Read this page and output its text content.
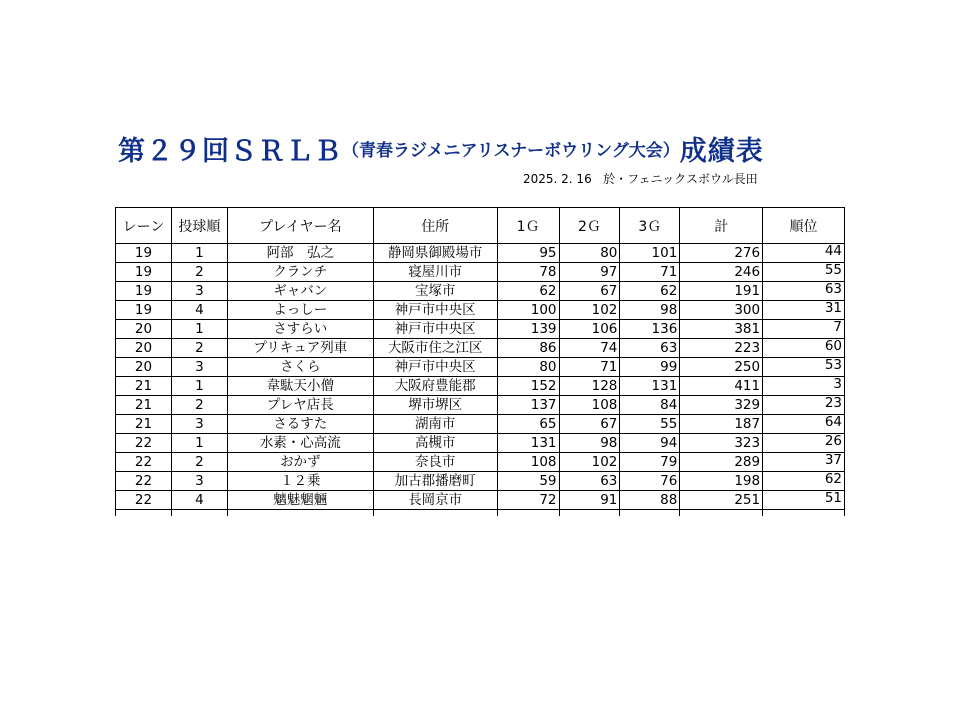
第２９回ＳＲＬＢ（青春ラジメニアリスナーボウリング大会）成績表
2025. 2. 16 於・フェニックスボウル長田
レーン	投球順	プレイヤー名	住所	1Ｇ	2Ｇ	3Ｇ	計	順位
19	1	阿部　弘之	静岡県御殿場市	95	80	101	276	44
19	2	クランチ	寝屋川市	78	97	71	246	55
19	3	ギャバン	宝塚市	62	67	62	191	63
19	4	よっしー	神戸市中央区	100	102	98	300	31
20	1	さすらい	神戸市中央区	139	106	136	381	7
20	2	プリキュア列車	大阪市住之江区	86	74	63	223	60
20	3	さくら	神戸市中央区	80	71	99	250	53
21	1	韋駄天小僧	大阪府豊能郡	152	128	131	411	3
21	2	プレヤ店長	堺市堺区	137	108	84	329	23
21	3	さるすた	湖南市	65	67	55	187	64
22	1	水素・心高流	高槻市	131	98	94	323	26
22	2	おかず	奈良市	108	102	79	289	37
22	3	１２乗	加古郡播磨町	59	63	76	198	62
22	4	魑魅魍魎	長岡京市	72	91	88	251	51
